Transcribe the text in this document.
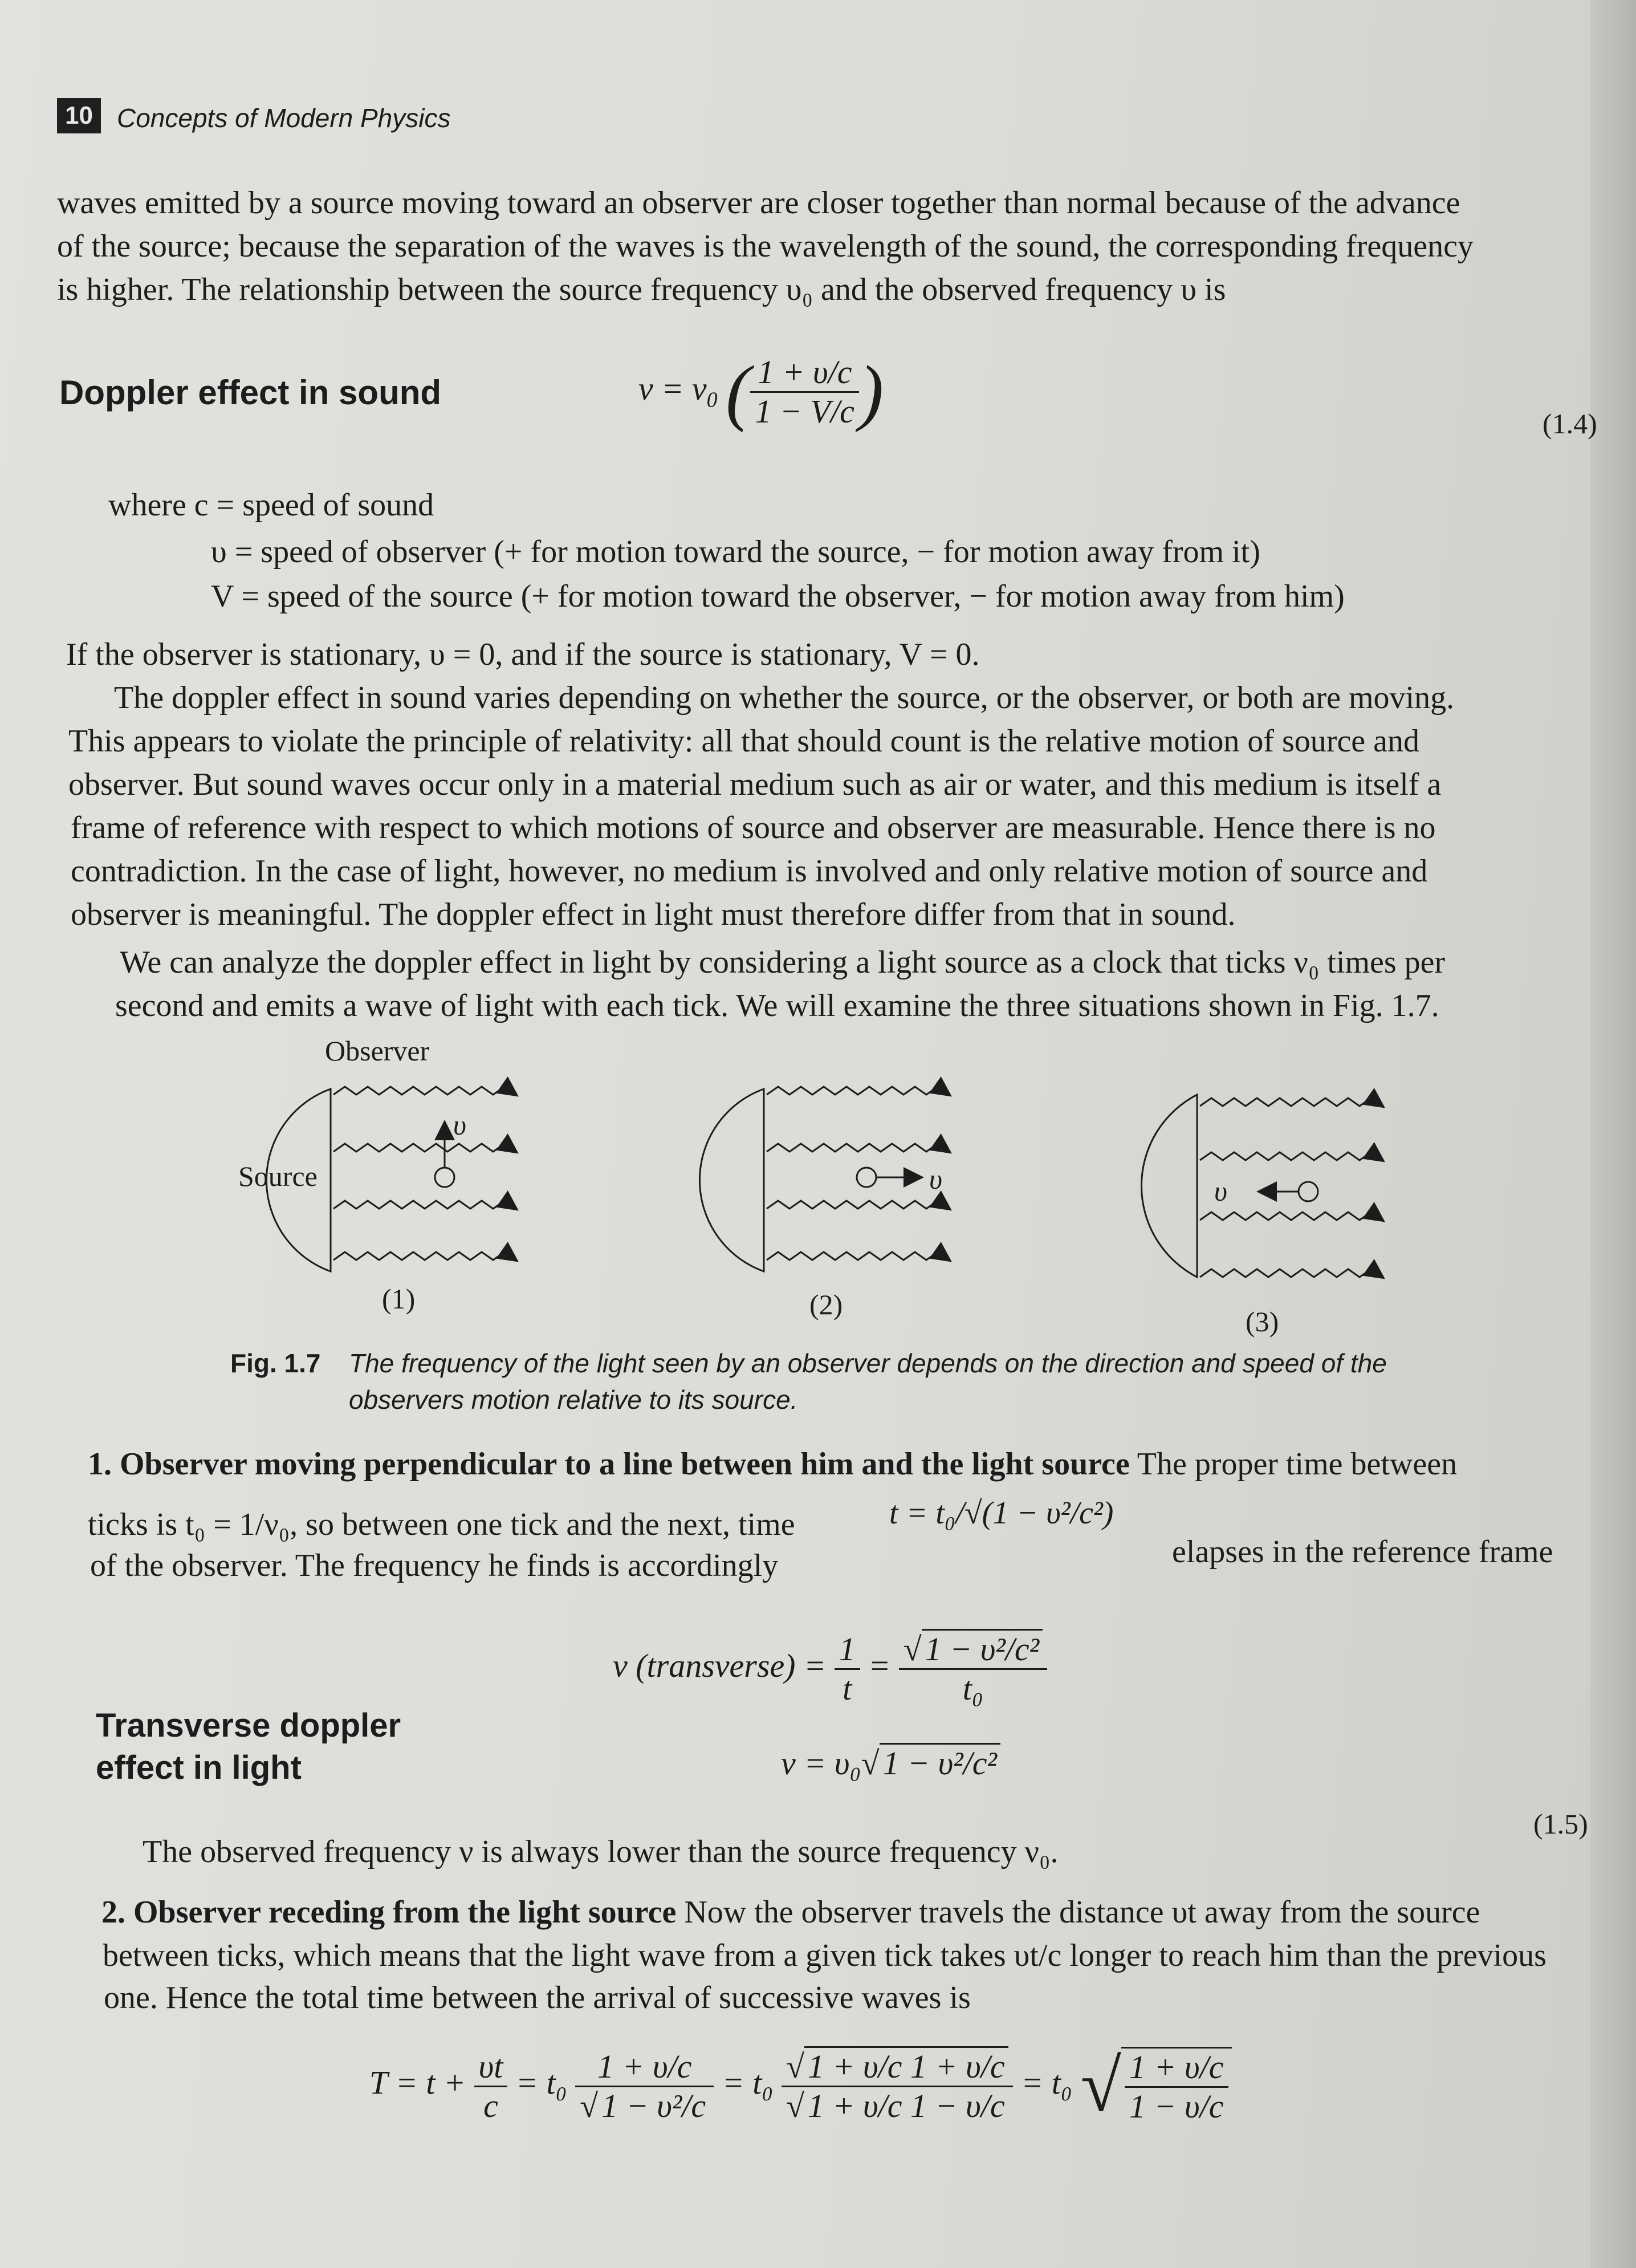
10 Concepts of Modern Physics
waves emitted by a source moving toward an observer are closer together than normal because of the advance
of the source; because the separation of the waves is the wavelength of the sound, the corresponding frequency
is higher. The relationship between the source frequency υ₀ and the observed frequency υ is
Doppler effect in sound	$\nu = \nu_0$ ( $\frac{1 + \upsilon/c}{1 - V/c}$ )	(1.4)
where c = speed of sound
υ = speed of observer (+ for motion toward the source, − for motion away from it)
V = speed of the source (+ for motion toward the observer, − for motion away from him)
If the observer is stationary, υ = 0, and if the source is stationary, V = 0.
The doppler effect in sound varies depending on whether the source, or the observer, or both are moving.
This appears to violate the principle of relativity: all that should count is the relative motion of source and
observer. But sound waves occur only in a material medium such as air or water, and this medium is itself a
frame of reference with respect to which motions of source and observer are measurable. Hence there is no
contradiction. In the case of light, however, no medium is involved and only relative motion of source and
observer is meaningful. The doppler effect in light must therefore differ from that in sound.
We can analyze the doppler effect in light by considering a light source as a clock that ticks ν₀ times per
second and emits a wave of light with each tick. We will examine the three situations shown in Fig. 1.7.
Observer
Source
υ
υ	υ
(1)	(2)
(3)
Fig. 1.7 The frequency of the light seen by an observer depends on the direction and speed of the
observers motion relative to its source.
1. Observer moving perpendicular to a line between him and the light source The proper time between
ticks is t₀ = 1/ν₀, so between one tick and the next, time	t = t₀/√(1 − υ²/c²)
elapses in the reference frame
of the observer. The frequency he finds is accordingly
Transverse doppler
effect in light
ν (transverse) = $\frac{1}{t} = \frac{\text{√ 1 − υ²/c²}}{\text{t₀}}$
ν = υ₀√ 1 − υ²/c²
(1.5)
The observed frequency ν is always lower than the source frequency ν₀.
2. Observer receding from the light source Now the observer travels the distance υt away from the source
between ticks, which means that the light wave from a given tick takes υt/c longer to reach him than the previous
one. Hence the total time between the arrival of successive waves is
$T = t + \frac{\upsilon t}{c} = t_0 \frac{1 + \upsilon/c}{\text{√ 1 − υ²/c}} = t_0 \frac{√ 1 + \upsilon/c 1 + \upsilon/c}{√ 1 + \upsilon/c 1 - \upsilon/c} = t_0$ √ $\frac{1 + \upsilon/c}{1 - \upsilon/c}$
